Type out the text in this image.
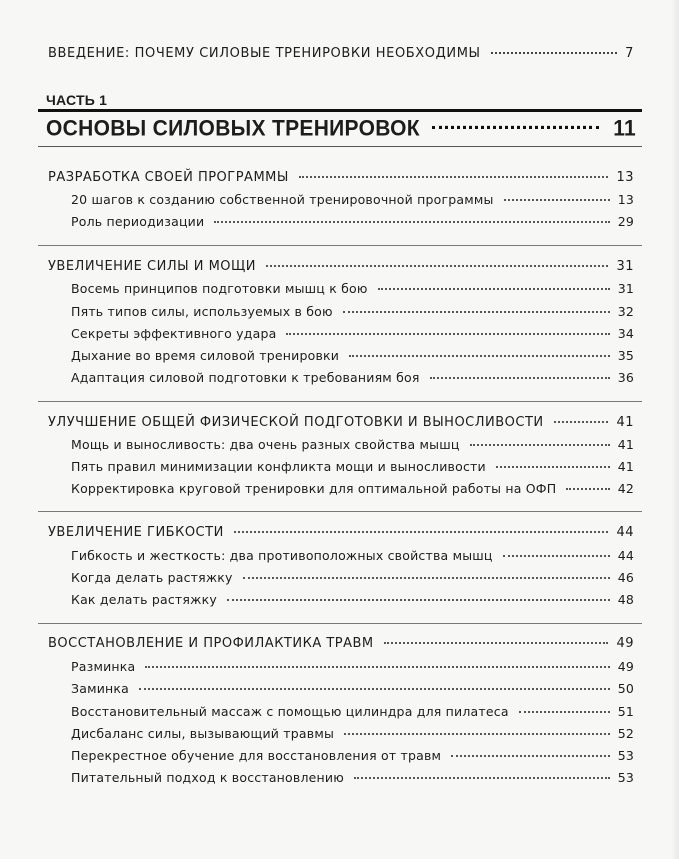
ВВЕДЕНИЕ: ПОЧЕМУ СИЛОВЫЕ ТРЕНИРОВКИ НЕОБХОДИМЫ	7
ЧАСТЬ 1
ОСНОВЫ СИЛОВЫХ ТРЕНИРОВОК	11
РАЗРАБОТКА СВОЕЙ ПРОГРАММЫ	13
20 шагов к созданию собственной тренировочной программы	13
Роль периодизации	29
УВЕЛИЧЕНИЕ СИЛЫ И МОЩИ	31
Восемь принципов подготовки мышц к бою	31
Пять типов силы, используемых в бою	32
Секреты эффективного удара	34
Дыхание во время силовой тренировки	35
Адаптация силовой подготовки к требованиям боя	36
УЛУЧШЕНИЕ ОБЩЕЙ ФИЗИЧЕСКОЙ ПОДГОТОВКИ И ВЫНОСЛИВОСТИ	41
Мощь и выносливость: два очень разных свойства мышц	41
Пять правил минимизации конфликта мощи и выносливости	41
Корректировка круговой тренировки для оптимальной работы на ОФП	42
УВЕЛИЧЕНИЕ ГИБКОСТИ	44
Гибкость и жесткость: два противоположных свойства мышц	44
Когда делать растяжку	46
Как делать растяжку	48
ВОССТАНОВЛЕНИЕ И ПРОФИЛАКТИКА ТРАВМ	49
Разминка	49
Заминка	50
Восстановительный массаж с помощью цилиндра для пилатеса	51
Дисбаланс силы, вызывающий травмы	52
Перекрестное обучение для восстановления от травм	53
Питательный подход к восстановлению	53
